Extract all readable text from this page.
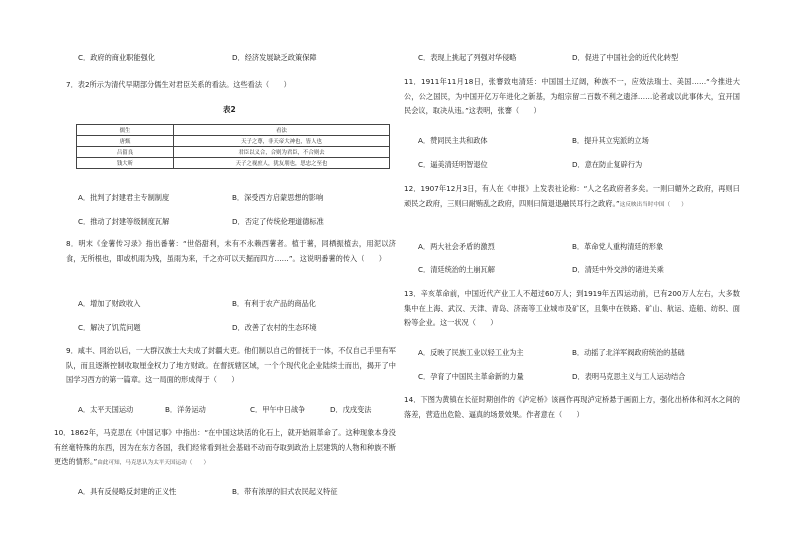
C．政府的商业职能强化	D．经济发展缺乏政策保障
7．表2所示为清代早期部分儒生对君臣关系的看法。这些看法（　　）
表2
儒生	看法
唐甄	天子之尊，非天帝大神也，皆人也
吕留良	君臣以义合，合则为君臣，不合则去
钱大昕	天子之视庶人，犹友朋也，思忠之至也
A．批判了封建君主专制制度	B．深受西方启蒙思想的影响
C．推动了封建等级制度瓦解	D．否定了传统伦理道德标准
8．明末《金薯传习录》指出番薯：“世俗甜利，未有不永赖西薯者。植于薯，同栖振植去，用泥以济食，无所根也，即或机雨为残，虽雨为来，千之亦可以天掘而四方……”。这说明番薯的传入（　　）
A．增加了财政收入	B．有利于农产品的商品化
C．解决了饥荒问题	D．改善了农村的生态环境
9．咸丰、同治以后，一大群汉族士大夫成了封疆大吏。他们制以自己的督抚于一体，不仅自己手里有军队，而且逐渐控制收取厘金权力了地方财政。在督抚辖区域，一个个现代化企业陆续士而出，揭开了中国学习西方的第一篇章。这一局面的形成得于（　　）
A．太平天国运动	B．洋务运动	C．甲午中日战争	D．戊戌变法
10．1862年，马克思在《中国记事》中指出：“在中国这块活的化石上，就开始闹革命了。这种现象本身没有丝毫特殊的东西，因为在东方各国，我们经常看到社会基础不动而夺取到政治上层建筑的人物和种族不断更迭的情形。”由此可知，马克思认为太平天国运动（　　）
A．具有反侵略反封建的正义性	B．带有浓厚的旧式农民起义特征
C．表现上挑起了列强对华侵略	D．促进了中国社会的近代化转型
11．1911年11月18日，张謇致电清廷：中国国土辽阔，种族不一，应效法瑞士、美国……“今推进大公，公之国民，为中国开亿万年进化之新基，为组宗留二百数不利之遗泽……论者或以此事体大，宜开国民会议，取决从违。”这表明，张謇（　　）
A．赞同民主共和政体	B．提升其立宪派的立场
C．逼美清廷明智退位	D．意在防止复辟行为
12．1907年12月3日，有人在《申报》上发表社论称：“人之名政府者多矣。一则曰媚外之政府，再则曰顽民之政府，三则曰耐贿乱之政府，四则曰简退退融民耳行之政府。”这反映出当时中国（　　）
A．两大社会矛盾的激烈	B．革命党人重构清廷的形象
C．清廷统治的土崩瓦解	D．清廷中外交涉的诸进关乘
13．辛亥革命前，中国近代产业工人不超过60万人；到1919年五四运动前，已有200万人左右，大多数集中在上海、武汉、天津、青岛、济南等工业城市及矿区，且集中在铁路、矿山、航运、造船、纺织、面粉等企业。这一状况（　　）
A．反映了民族工业以轻工业为主	B．动摇了北洋军阀政府统治的基础
C．孕育了中国民主革命新的力量	D．表明马克思主义与工人运动结合
14．下图为黄镇在长征时期创作的《泸定桥》该画作再现泸定桥悬于画面上方，强化出桥体和河水之间的落差，营造出危险、逼真的场景效果。作者意在（　　）
